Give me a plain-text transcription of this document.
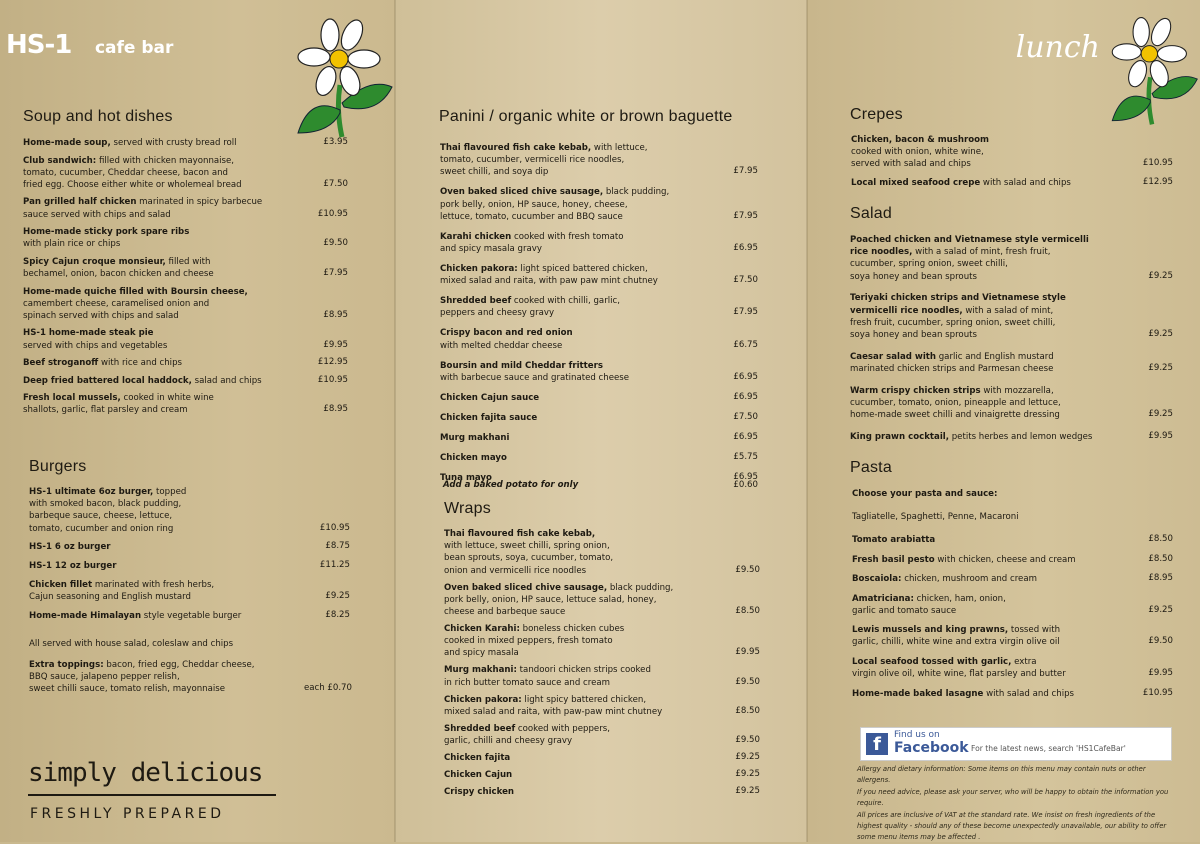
HS-1 cafe bar	lunch
Soup and hot dishes
Home-made soup, served with crusty bread roll	£3.95
Club sandwich: filled with chicken mayonnaise,
tomato, cucumber, Cheddar cheese, bacon and
fried egg. Choose either white or wholemeal bread	£7.50
Pan grilled half chicken marinated in spicy barbecue
sauce served with chips and salad	£10.95
Home-made sticky pork spare ribs
with plain rice or chips	£9.50
Spicy Cajun croque monsieur, filled with
bechamel, onion, bacon chicken and cheese	£7.95
Home-made quiche filled with Boursin cheese,
camembert cheese, caramelised onion and
spinach served with chips and salad	£8.95
HS-1 home-made steak pie
served with chips and vegetables	£9.95
Beef stroganoff with rice and chips	£12.95
Deep fried battered local haddock, salad and chips	£10.95
Fresh local mussels, cooked in white wine
shallots, garlic, flat parsley and cream	£8.95
Burgers
HS-1 ultimate 6oz burger, topped
with smoked bacon, black pudding,
barbeque sauce, cheese, lettuce,
tomato, cucumber and onion ring	£10.95
HS-1 6 oz burger	£8.75
HS-1 12 oz burger	£11.25
Chicken fillet marinated with fresh herbs,
Cajun seasoning and English mustard	£9.25
Home-made Himalayan style vegetable burger	£8.25
All served with house salad, coleslaw and chips
Extra toppings: bacon, fried egg, Cheddar cheese,
BBQ sauce, jalapeno pepper relish,
sweet chilli sauce, tomato relish, mayonnaise	each £0.70
Panini / organic white or brown baguette
Thai flavoured fish cake kebab, with lettuce,
tomato, cucumber, vermicelli rice noodles,
sweet chilli, and soya dip	£7.95
Oven baked sliced chive sausage, black pudding,
pork belly, onion, HP sauce, honey, cheese,
lettuce, tomato, cucumber and BBQ sauce	£7.95
Karahi chicken cooked with fresh tomato
and spicy masala gravy	£6.95
Chicken pakora: light spiced battered chicken,
mixed salad and raita, with paw paw mint chutney	£7.50
Shredded beef cooked with chilli, garlic,
peppers and cheesy gravy	£7.95
Crispy bacon and red onion
with melted cheddar cheese	£6.75
Boursin and mild Cheddar fritters
with barbecue sauce and gratinated cheese	£6.95
Chicken Cajun sauce	£6.95
Chicken fajita sauce	£7.50
Murg makhani	£6.95
Chicken mayo	£5.75
Tuna mayo	£6.95
Add a baked potato for only	£0.60
Wraps
Thai flavoured fish cake kebab,
with lettuce, sweet chilli, spring onion,
bean sprouts, soya, cucumber, tomato,
onion and vermicelli rice noodles	£9.50
Oven baked sliced chive sausage, black pudding,
pork belly, onion, HP sauce, lettuce salad, honey,
cheese and barbeque sauce	£8.50
Chicken Karahi: boneless chicken cubes
cooked in mixed peppers, fresh tomato
and spicy masala	£9.95
Murg makhani: tandoori chicken strips cooked
in rich butter tomato sauce and cream	£9.50
Chicken pakora: light spicy battered chicken,
mixed salad and raita, with paw-paw mint chutney	£8.50
Shredded beef cooked with peppers,
garlic, chilli and cheesy gravy	£9.50
Chicken fajita	£9.25
Chicken Cajun	£9.25
Crispy chicken	£9.25
Crepes
Chicken, bacon & mushroom
cooked with onion, white wine,
served with salad and chips	£10.95
Local mixed seafood crepe with salad and chips	£12.95
Salad
Poached chicken and Vietnamese style vermicelli
rice noodles, with a salad of mint, fresh fruit,
cucumber, spring onion, sweet chilli,
soya honey and bean sprouts	£9.25
Teriyaki chicken strips and Vietnamese style
vermicelli rice noodles, with a salad of mint,
fresh fruit, cucumber, spring onion, sweet chilli,
soya honey and bean sprouts	£9.25
Caesar salad with garlic and English mustard
marinated chicken strips and Parmesan cheese	£9.25
Warm crispy chicken strips with mozzarella,
cucumber, tomato, onion, pineapple and lettuce,
home-made sweet chilli and vinaigrette dressing	£9.25
King prawn cocktail, petits herbes and lemon wedges	£9.95
Pasta
Choose your pasta and sauce:
Tagliatelle, Spaghetti, Penne, Macaroni
Tomato arabiatta	£8.50
Fresh basil pesto with chicken, cheese and cream	£8.50
Boscaiola: chicken, mushroom and cream	£8.95
Amatriciana: chicken, ham, onion,
garlic and tomato sauce	£9.25
Lewis mussels and king prawns, tossed with
garlic, chilli, white wine and extra virgin olive oil	£9.50
Local seafood tossed with garlic, extra
virgin olive oil, white wine, flat parsley and butter	£9.95
Home-made baked lasagne with salad and chips	£10.95
simply delicious
FRESHLY PREPARED
f	Find us on
Facebook For the latest news, search 'HS1CafeBar'
Allergy and dietary information: Some items on this menu may contain nuts or other allergens.
If you need advice, please ask your server, who will be happy to obtain the information you require.
All prices are inclusive of VAT at the standard rate. We insist on fresh ingredients of the
highest quality - should any of these become unexpectedly unavailable, our ability to offer
some menu items may be affected .
